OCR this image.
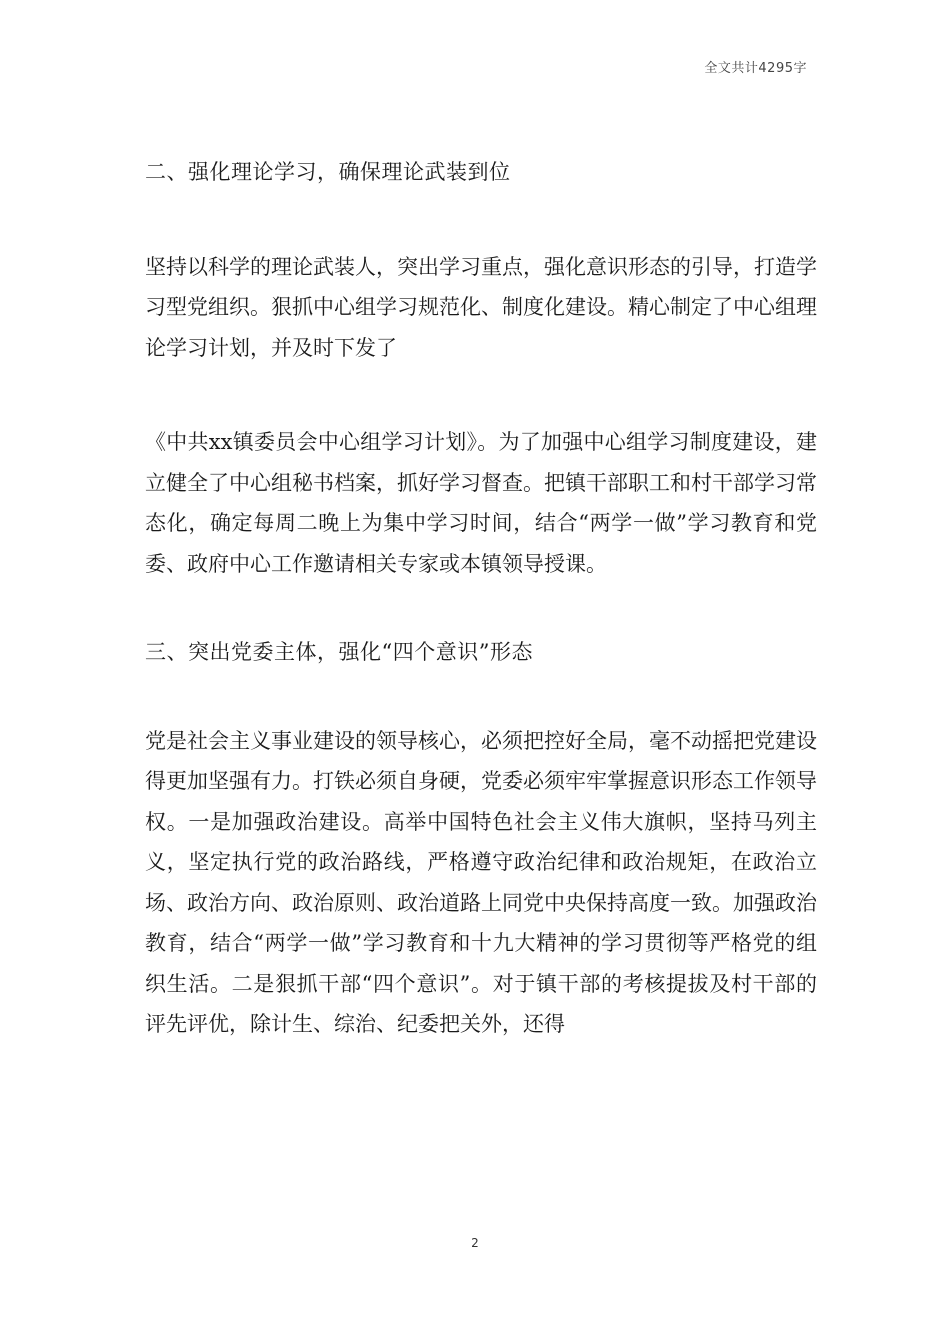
全文共计4295字

二、强化理论学习，确保理论武装到位

坚持以科学的理论武装人，突出学习重点，强化意识形态的引导，打造学习型党组织。狠抓中心组学习规范化、制度化建设。精心制定了中心组理论学习计划，并及时下发了

《中共xx镇委员会中心组学习计划》。为了加强中心组学习制度建设，建立健全了中心组秘书档案，抓好学习督查。把镇干部职工和村干部学习常态化，确定每周二晚上为集中学习时间，结合“两学一做”学习教育和党委、政府中心工作邀请相关专家或本镇领导授课。

三、突出党委主体，强化“四个意识”形态

党是社会主义事业建设的领导核心，必须把控好全局，毫不动摇把党建设得更加坚强有力。打铁必须自身硬，党委必须牢牢掌握意识形态工作领导权。一是加强政治建设。高举中国特色社会主义伟大旗帜，坚持马列主义，坚定执行党的政治路线，严格遵守政治纪律和政治规矩，在政治立场、政治方向、政治原则、政治道路上同党中央保持高度一致。加强政治教育，结合“两学一做”学习教育和十九大精神的学习贯彻等严格党的组织生活。二是狠抓干部“四个意识”。对于镇干部的考核提拔及村干部的评先评优，除计生、综治、纪委把关外，还得

2
